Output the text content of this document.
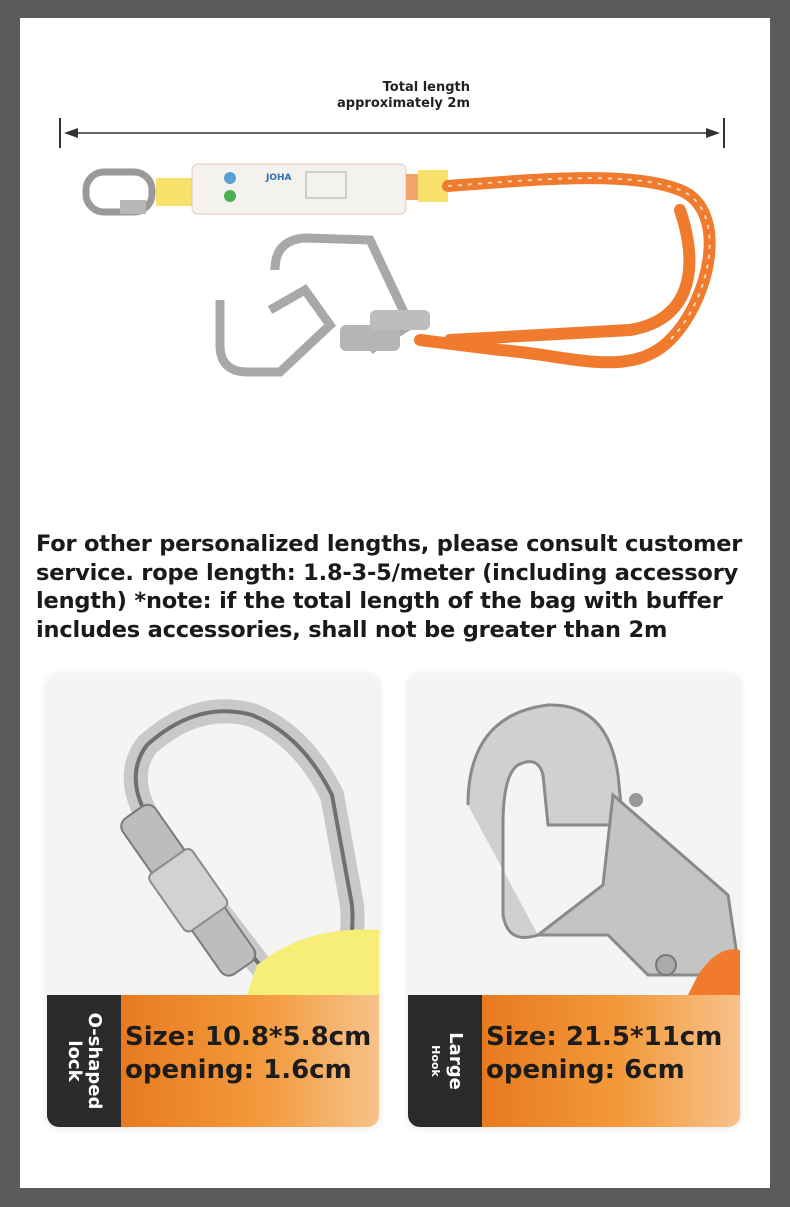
Total length
approximately 2m
JOHA
For other personalized lengths, please consult customer service. rope length: 1.8-3-5/meter (including accessory length) *note: if the total length of the bag with buffer includes accessories, shall not be greater than 2m
O-shaped
lock
Size: 10.8*5.8cm
opening: 1.6cm	Large

Hook
Size: 21.5*11cm
opening: 6cm
